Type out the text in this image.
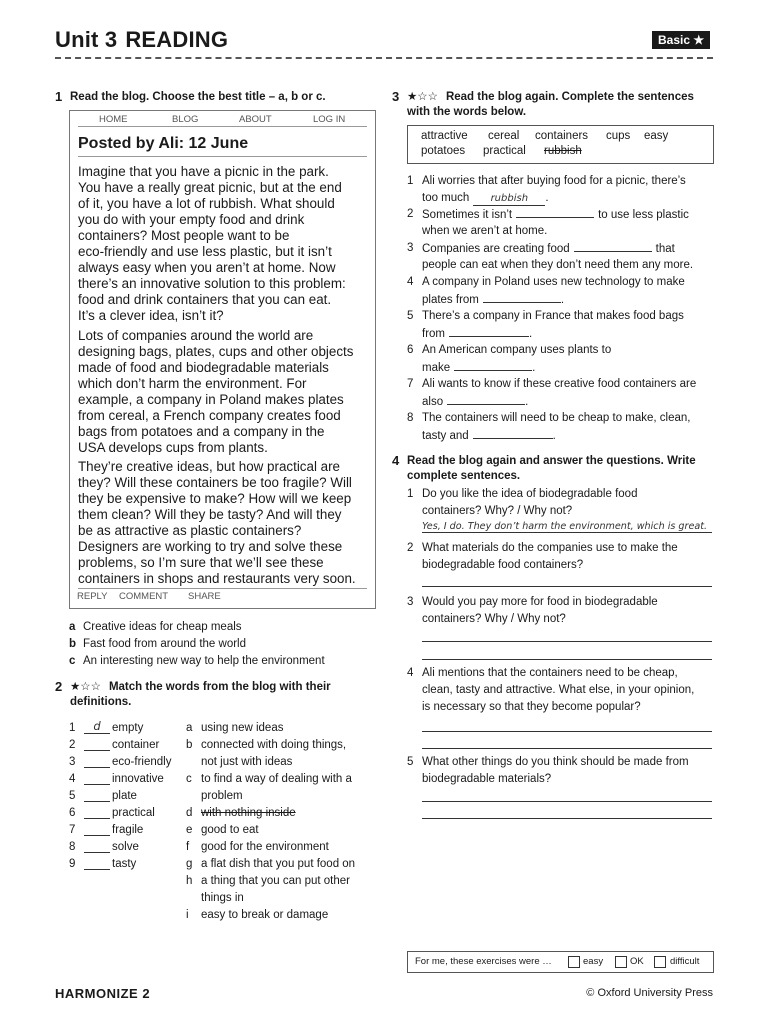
Unit 3 READING	Basic ★
1 Read the blog. Choose the best title – a, b or c.
HOME	BLOG	ABOUT	LOG IN
Posted by Ali: 12 June
Imagine that you have a picnic in the park.
You have a really great picnic, but at the end
of it, you have a lot of rubbish. What should
you do with your empty food and drink
containers? Most people want to be
eco-friendly and use less plastic, but it isn’t
always easy when you aren’t at home. Now
there’s an innovative solution to this problem:
food and drink containers that you can eat.
It’s a clever idea, isn’t it?
Lots of companies around the world are
designing bags, plates, cups and other objects
made of food and biodegradable materials
which don’t harm the environment. For
example, a company in Poland makes plates
from cereal, a French company creates food
bags from potatoes and a company in the
USA develops cups from plants.
They’re creative ideas, but how practical are
they? Will these containers be too fragile? Will
they be expensive to make? How will we keep
them clean? Will they be tasty? And will they
be as attractive as plastic containers?
Designers are working to try and solve these
problems, so I’m sure that we’ll see these
containers in shops and restaurants very soon.
REPLY COMMENT SHARE
a Creative ideas for cheap meals
b Fast food from around the world
c An interesting new way to help the environment
2 ★☆☆ Match the words from the blog with their
definitions.
1	d empty
2	container
3	eco-friendly
4	innovative
5	plate
6	practical
7	fragile
8	solve
9	tasty
a using new ideas
b connected with doing things,
not just with ideas
c to find a way of dealing with a
problem
d with nothing inside
e good to eat
f good for the environment
g a flat dish that you put food on
h a thing that you can put other
things in
i easy to break or damage
3 ★☆☆ Read the blog again. Complete the sentences
with the words below.
attractive cereal containers cups easy
potatoes practical rubbish
1 Ali worries that after buying food for a picnic, there’s
too much rubbish .
2 Sometimes it isn’t	to use less plastic
when we aren’t at home.
3 Companies are creating food	that
people can eat when they don’t need them any more.
4 A company in Poland uses new technology to make
plates from	.
5 There’s a company in France that makes food bags
from	.
6 An American company uses plants to
make	.
7 Ali wants to know if these creative food containers are
also	.
8 The containers will need to be cheap to make, clean,
tasty and	.
4 Read the blog again and answer the questions. Write
complete sentences.
1 Do you like the idea of biodegradable food
containers? Why? / Why not?
Yes, I do. They don’t harm the environment, which is great.
2 What materials do the companies use to make the
biodegradable food containers?
3 Would you pay more for food in biodegradable
containers? Why / Why not?
4 Ali mentions that the containers need to be cheap,
clean, tasty and attractive. What else, in your opinion,
is necessary so that they become popular?
5 What other things do you think should be made from
biodegradable materials?
For me, these exercises were …	easy	OK	difficult
HARMONIZE 2	© Oxford University Press
